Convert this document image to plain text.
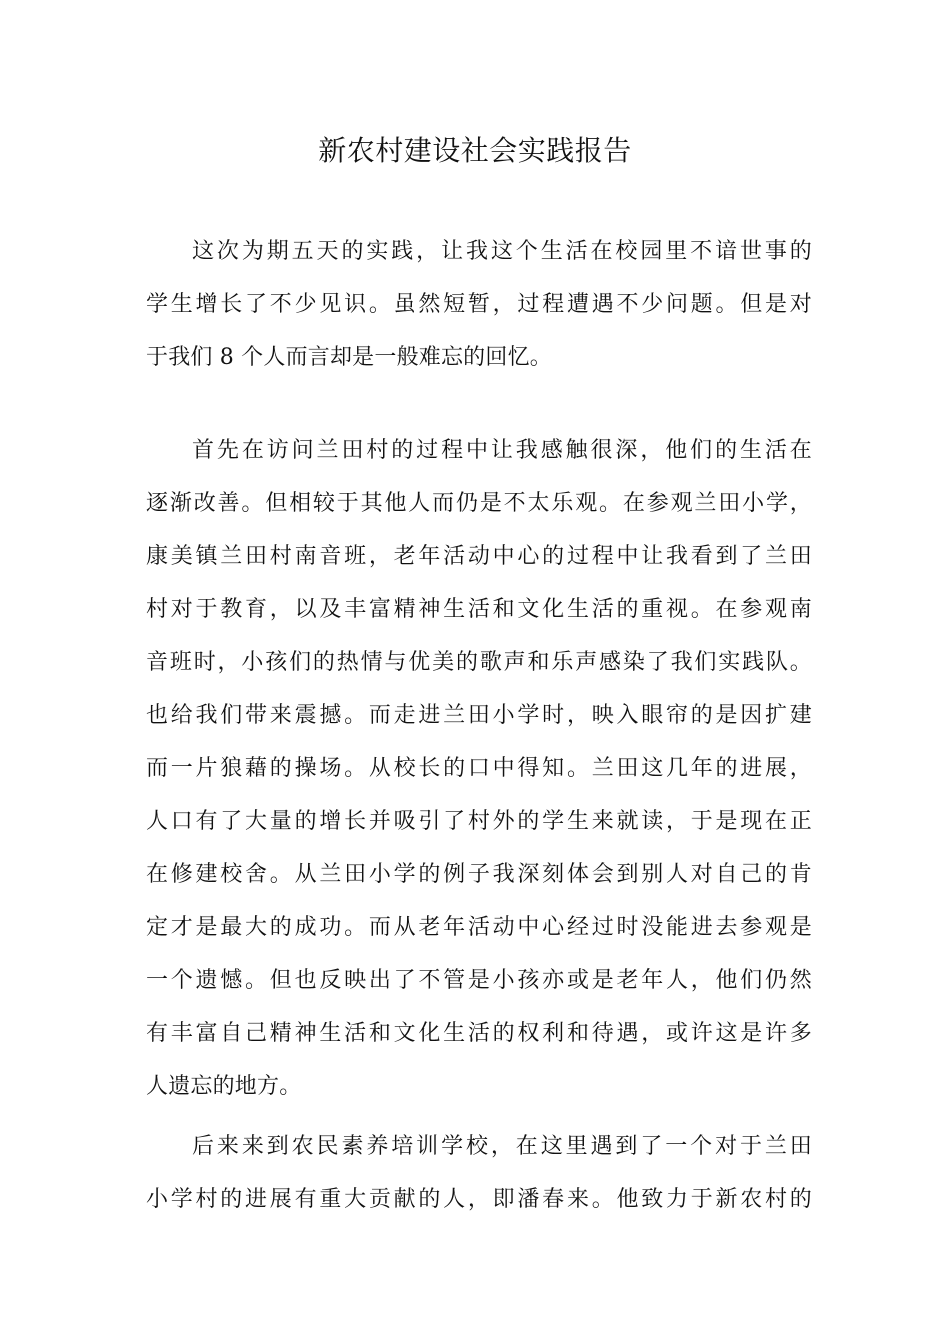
新农村建设社会实践报告
这次为期五天的实践，让我这个生活在校园里不谙世事的
学生增长了不少见识。虽然短暂，过程遭遇不少问题。但是对
于我们 8 个人而言却是一般难忘的回忆。
首先在访问兰田村的过程中让我感触很深，他们的生活在
逐渐改善。但相较于其他人而仍是不太乐观。在参观兰田小学，
康美镇兰田村南音班，老年活动中心的过程中让我看到了兰田
村对于教育，以及丰富精神生活和文化生活的重视。在参观南
音班时，小孩们的热情与优美的歌声和乐声感染了我们实践队。
也给我们带来震撼。而走进兰田小学时，映入眼帘的是因扩建
而一片狼藉的操场。从校长的口中得知。兰田这几年的进展，
人口有了大量的增长并吸引了村外的学生来就读，于是现在正
在修建校舍。从兰田小学的例子我深刻体会到别人对自己的肯
定才是最大的成功。而从老年活动中心经过时没能进去参观是
一个遗憾。但也反映出了不管是小孩亦或是老年人，他们仍然
有丰富自己精神生活和文化生活的权利和待遇，或许这是许多
人遗忘的地方。
后来来到农民素养培训学校，在这里遇到了一个对于兰田
小学村的进展有重大贡献的人，即潘春来。他致力于新农村的
